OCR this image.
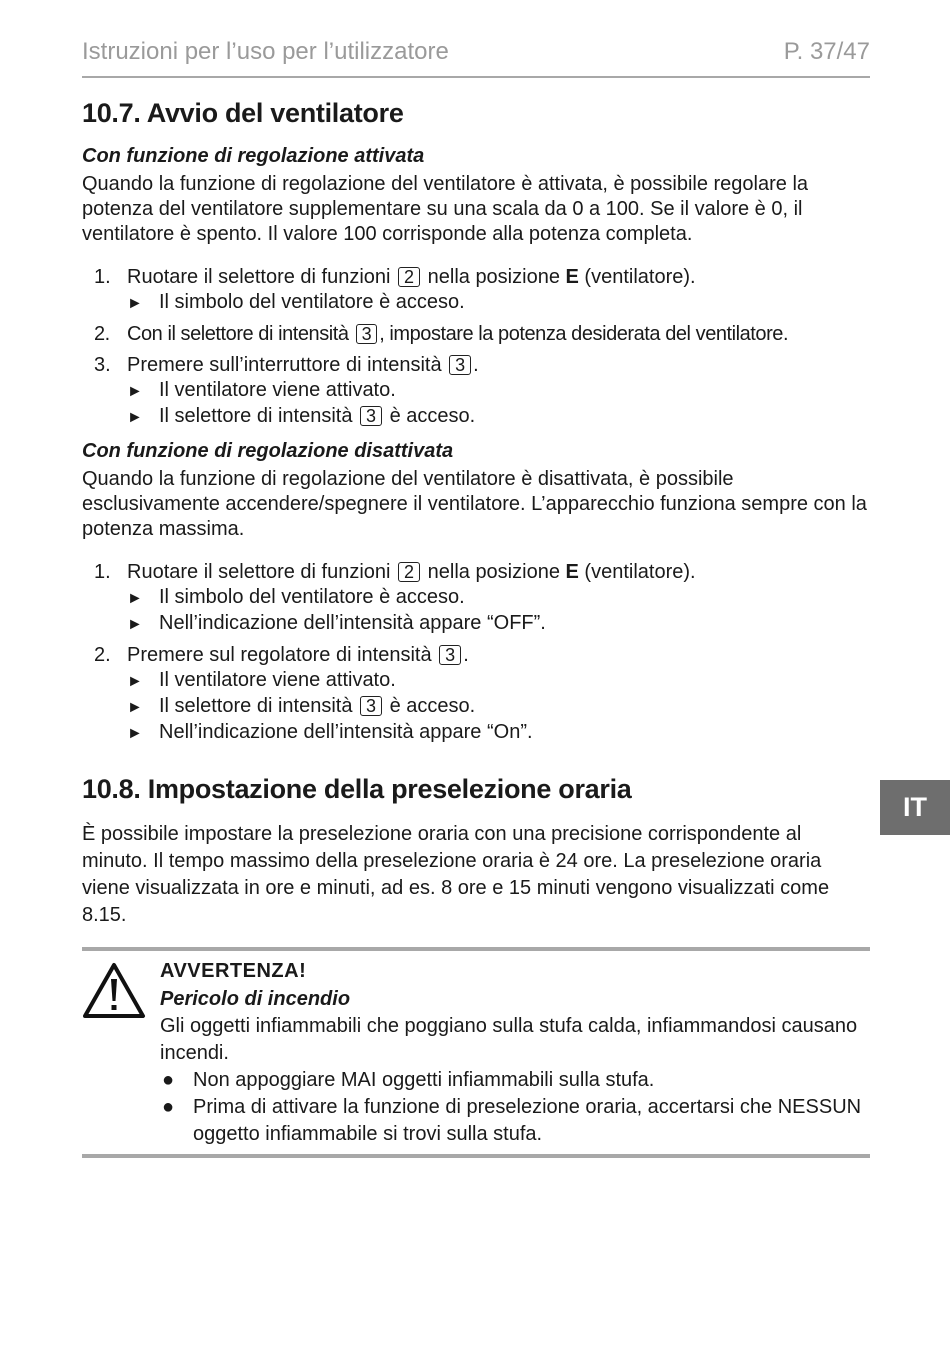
Istruzioni per l’uso per l’utilizzatore	P. 37/47
IT
10.7. Avvio del ventilatore
Con funzione di regolazione attivata

Quando la funzione di regolazione del ventilatore è attivata, è possibile regolare la potenza del ventilatore supplementare su una scala da 0 a 100. Se il valore è 0, il ventilatore è spento. Il valore 100 corrisponde alla potenza completa.

1. Ruotare il selettore di funzioni 2 nella posizione E (ventilatore).
► Il simbolo del ventilatore è acceso.
2. Con il selettore di intensità 3 , impostare la potenza desiderata del ventilatore.
3. Premere sull’interruttore di intensità 3 .
► Il ventilatore viene attivato.
► Il selettore di intensità 3 è acceso.
Con funzione di regolazione disattivata

Quando la funzione di regolazione del ventilatore è disattivata, è possibile esclusivamente accendere/spegnere il ventilatore. L’apparecchio funziona sempre con la potenza massima.

1. Ruotare il selettore di funzioni 2 nella posizione E (ventilatore).
► Il simbolo del ventilatore è acceso.
► Nell’indicazione dell’intensità appare “OFF”.
2. Premere sul regolatore di intensità 3 .
► Il ventilatore viene attivato.
► Il selettore di intensità 3 è acceso.
► Nell’indicazione dell’intensità appare “On”.
10.8. Impostazione della preselezione oraria

È possibile impostare la preselezione oraria con una precisione corrispondente al minuto. Il tempo massimo della preselezione oraria è 24 ore. La preselezione oraria viene visualizzata in ore e minuti, ad es. 8 ore e 15 minuti vengono visualizzati come 8.15.

AVVERTENZA!
Pericolo di incendio
Gli oggetti infiammabili che poggiano sulla stufa calda, infiammandosi causano incendi.
● Non appoggiare MAI oggetti infiammabili sulla stufa.
● Prima di attivare la funzione di preselezione oraria, accertarsi che NESSUN oggetto infiammabile si trovi sulla stufa.
